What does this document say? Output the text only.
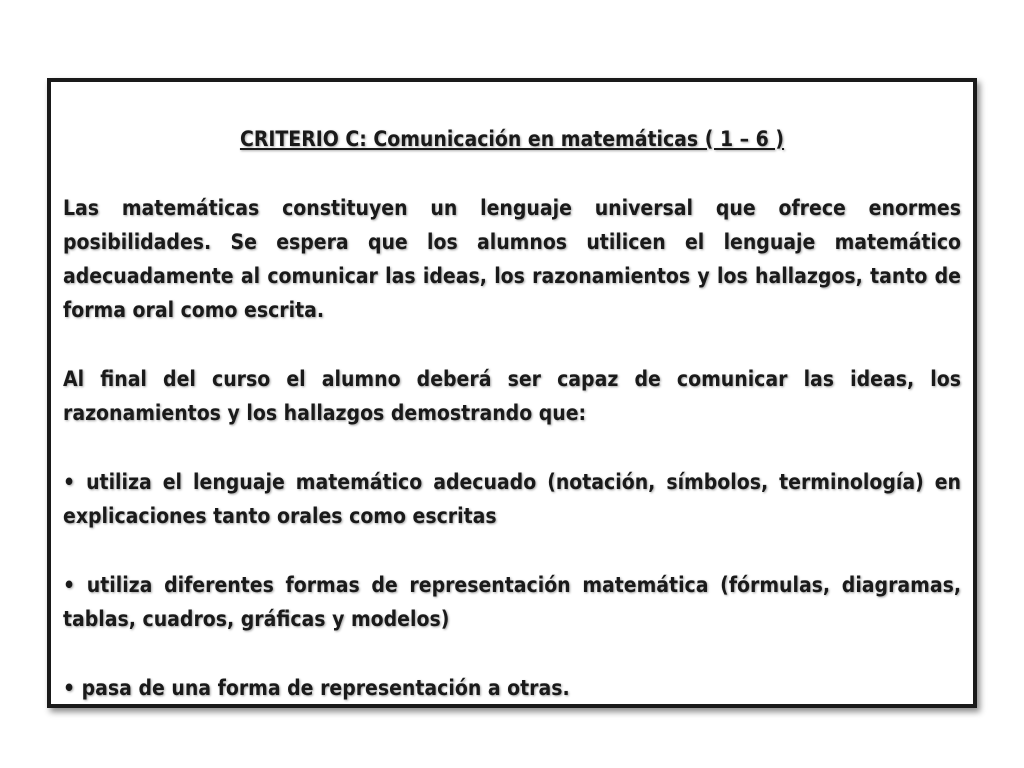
CRITERIO C: Comunicación en matemáticas ( 1 – 6 )
Las matemáticas constituyen un lenguaje universal que ofrece enormes posibilidades. Se espera que los alumnos utilicen el lenguaje matemático adecuadamente al comunicar las ideas, los razonamientos y los hallazgos, tanto de forma oral como escrita.
Al final del curso el alumno deberá ser capaz de comunicar las ideas, los razonamientos y los hallazgos demostrando que:
• utiliza el lenguaje matemático adecuado (notación, símbolos, terminología) en explicaciones tanto orales como escritas
• utiliza diferentes formas de representación matemática (fórmulas, diagramas, tablas, cuadros, gráficas y modelos)
• pasa de una forma de representación a otras.
